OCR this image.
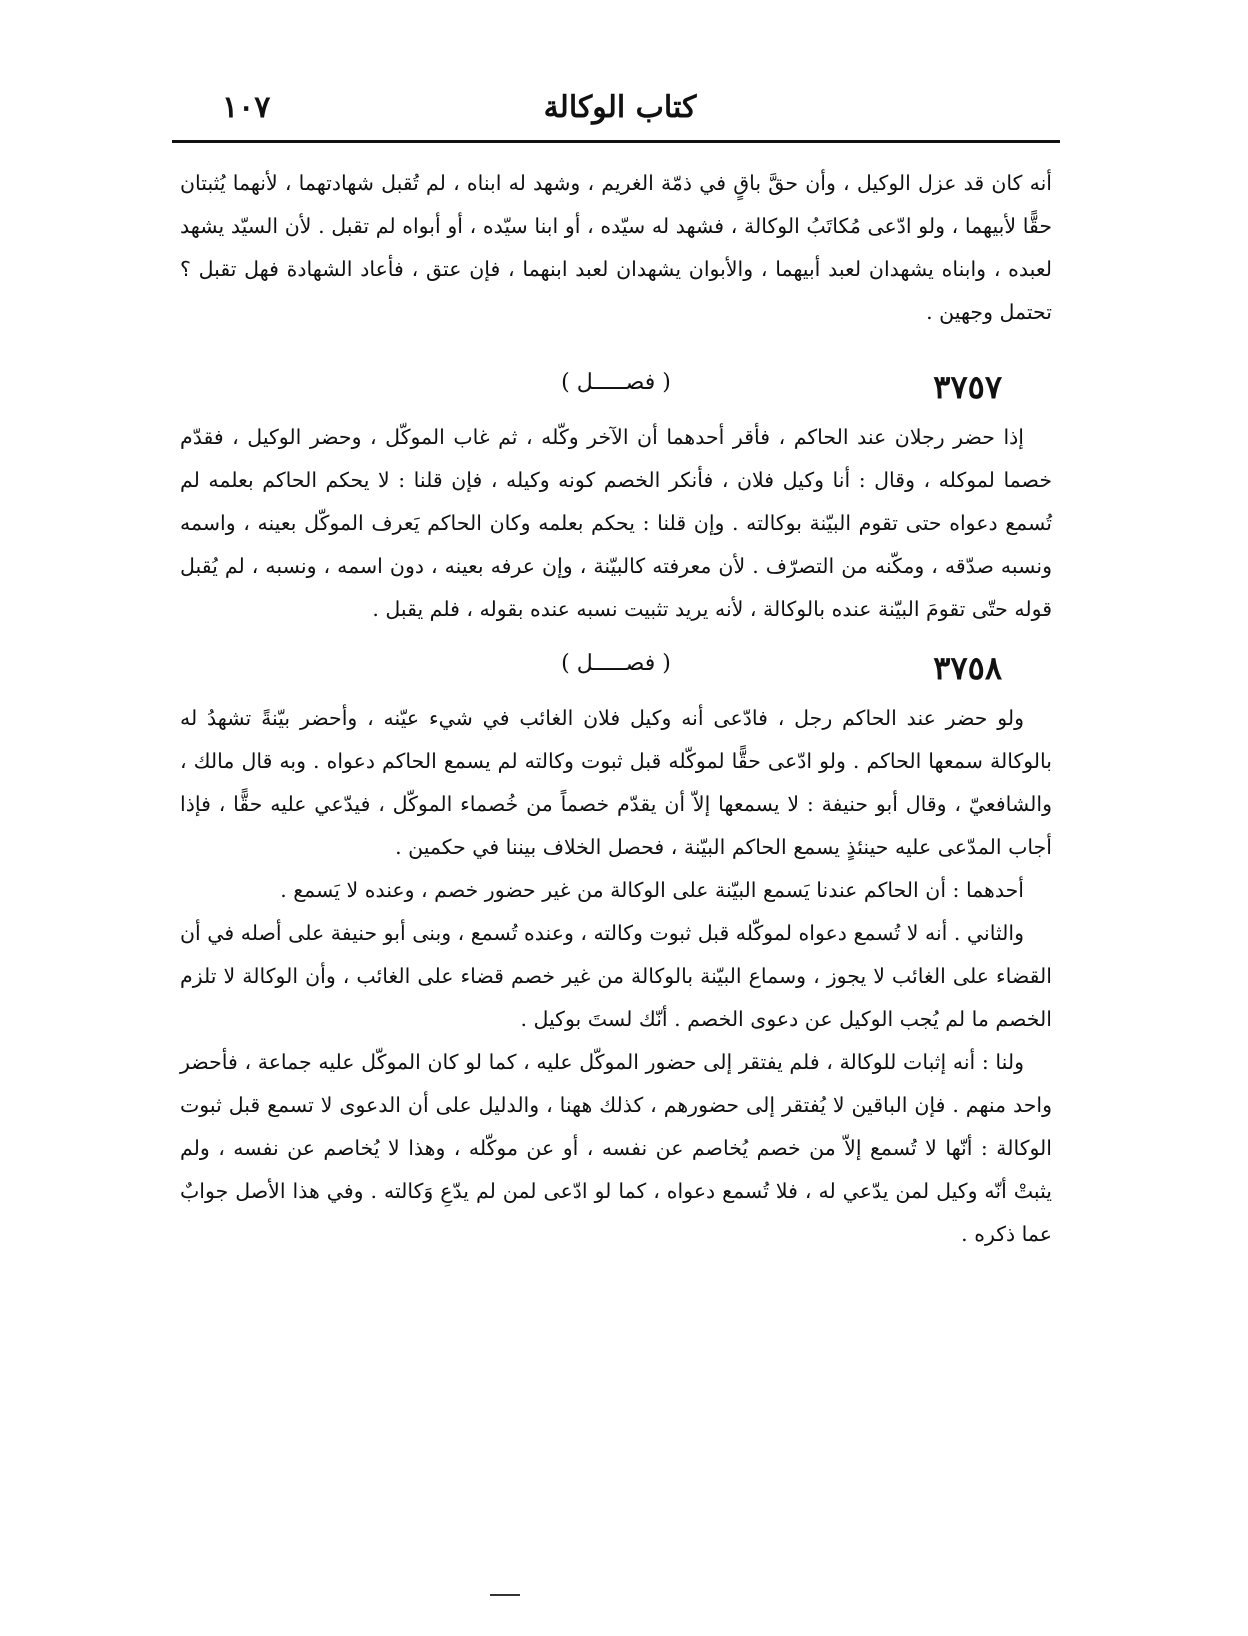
١٠٧	كتاب الوكالة

أنه كان قد عزل الوكيل ، وأن حقَّ باقٍ في ذمّة الغريم ، وشهد له ابناه ، لم تُقبل شهادتهما ، لأنهما يُثبتان حقًّا لأبيهما ، ولو ادّعى مُكاتَبُ الوكالة ، فشهد له سيّده ، أو ابنا سيّده ، أو أبواه لم تقبل . لأن السيّد يشهد لعبده ، وابناه يشهدان لعبد أبيهما ، والأبوان يشهدان لعبد ابنهما ، فإن عتق ، فأعاد الشهادة فهل تقبل ؟ تحتمل وجهين .

٣٧٥٧
( فصـــــل )

إذا حضر رجلان عند الحاكم ، فأقر أحدهما أن الآخر وكّله ، ثم غاب الموكّل ، وحضر الوكيل ، فقدّم خصما لموكله ، وقال : أنا وكيل فلان ، فأنكر الخصم كونه وكيله ، فإن قلنا : لا يحكم الحاكم بعلمه لم تُسمع دعواه حتى تقوم البيّنة بوكالته . وإن قلنا : يحكم بعلمه وكان الحاكم يَعرف الموكّل بعينه ، واسمه ونسبه صدّقه ، ومكّنه من التصرّف . لأن معرفته كالبيّنة ، وإن عرفه بعينه ، دون اسمه ، ونسبه ، لم يُقبل قوله حتّى تقومَ البيّنة عنده بالوكالة ، لأنه يريد تثبيت نسبه عنده بقوله ، فلم يقبل .

٣٧٥٨
( فصـــــل )

ولو حضر عند الحاكم رجل ، فادّعى أنه وكيل فلان الغائب في شيء عيّنه ، وأحضر بيّنةً تشهدُ له بالوكالة سمعها الحاكم . ولو ادّعى حقًّا لموكّله قبل ثبوت وكالته لم يسمع الحاكم دعواه . وبه قال مالك ، والشافعيّ ، وقال أبو حنيفة : لا يسمعها إلاّ أن يقدّم خصماً من خُصماء الموكّل ، فيدّعي عليه حقًّا ، فإذا أجاب المدّعى عليه حينئذٍ يسمع الحاكم البيّنة ، فحصل الخلاف بيننا في حكمين .

أحدهما : أن الحاكم عندنا يَسمع البيّنة على الوكالة من غير حضور خصم ، وعنده لا يَسمع .

والثاني . أنه لا تُسمع دعواه لموكّله قبل ثبوت وكالته ، وعنده تُسمع ، وبنى أبو حنيفة على أصله في أن القضاء على الغائب لا يجوز ، وسماع البيّنة بالوكالة من غير خصم قضاء على الغائب ، وأن الوكالة لا تلزم الخصم ما لم يُجب الوكيل عن دعوى الخصم . أنّك لستَ بوكيل .

ولنا : أنه إثبات للوكالة ، فلم يفتقر إلى حضور الموكّل عليه ، كما لو كان الموكّل عليه جماعة ، فأحضر واحد منهم . فإن الباقين لا يُفتقر إلى حضورهم ، كذلك ههنا ، والدليل على أن الدعوى لا تسمع قبل ثبوت الوكالة : أنّها لا تُسمع إلاّ من خصم يُخاصم عن نفسه ، أو عن موكّله ، وهذا لا يُخاصم عن نفسه ، ولم يثبتْ أنّه وكيل لمن يدّعي له ، فلا تُسمع دعواه ، كما لو ادّعى لمن لم يدّعِ وَكالته . وفي هذا الأصل جوابٌ عما ذكره .
